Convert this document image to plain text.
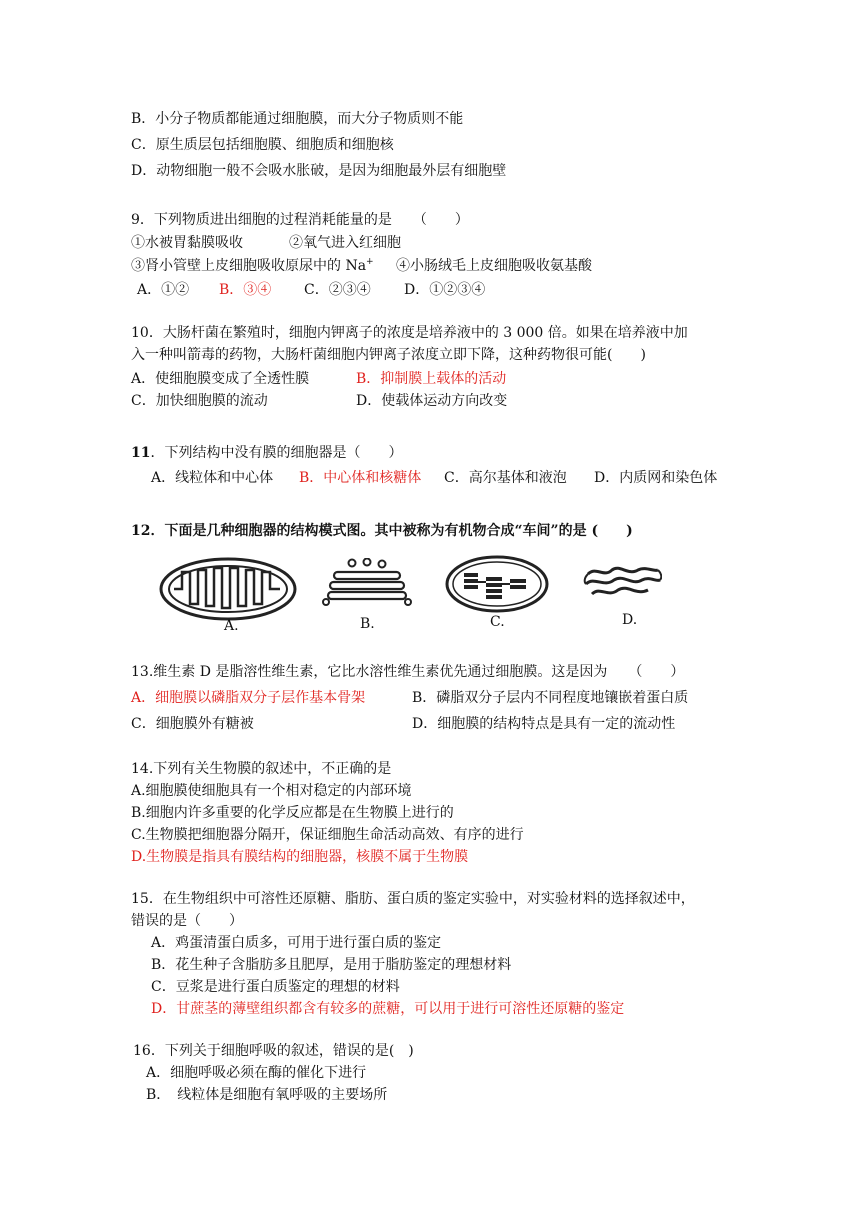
B．小分子物质都能通过细胞膜，而大分子物质则不能
C．原生质层包括细胞膜、细胞质和细胞核
D．动物细胞一般不会吸水胀破，是因为细胞最外层有细胞壁
9．下列物质进出细胞的过程消耗能量的是　　（　　）
①水被胃黏膜吸收	②氧气进入红细胞
③肾小管壁上皮细胞吸收原尿中的 Na+ ④小肠绒毛上皮细胞吸收氨基酸
A．①② B．③④ C．②③④ D．①②③④
10．大肠杆菌在繁殖时，细胞内钾离子的浓度是培养液中的 3 000 倍。如果在培养液中加
入一种叫箭毒的药物，大肠杆菌细胞内钾离子浓度立即下降，这种药物很可能(　　)
A．使细胞膜变成了全透性膜	B．抑制膜上载体的活动
C．加快细胞膜的流动	D．使载体运动方向改变
11．下列结构中没有膜的细胞器是（　　）
A．线粒体和中心体 B．中心体和核糖体 C．高尔基体和液泡 D．内质网和染色体
12．下面是几种细胞器的结构模式图。其中被称为有机物合成“车间”的是 (　　)
A.	B.	C.	D.
13.维生素 D 是脂溶性维生素，它比水溶性维生素优先通过细胞膜。这是因为　　（　　）
A．细胞膜以磷脂双分子层作基本骨架	B．磷脂双分子层内不同程度地镶嵌着蛋白质
C．细胞膜外有糖被	D．细胞膜的结构特点是具有一定的流动性
14.下列有关生物膜的叙述中，不正确的是
A.细胞膜使细胞具有一个相对稳定的内部环境
B.细胞内许多重要的化学反应都是在生物膜上进行的
C.生物膜把细胞器分隔开，保证细胞生命活动高效、有序的进行
D.生物膜是指具有膜结构的细胞器，核膜不属于生物膜
15．在生物组织中可溶性还原糖、脂肪、蛋白质的鉴定实验中，对实验材料的选择叙述中，
错误的是（　　）
A．鸡蛋清蛋白质多，可用于进行蛋白质的鉴定
B．花生种子含脂肪多且肥厚，是用于脂肪鉴定的理想材料
C．豆浆是进行蛋白质鉴定的理想的材料
D．甘蔗茎的薄壁组织都含有较多的蔗糖，可以用于进行可溶性还原糖的鉴定
16．下列关于细胞呼吸的叙述，错误的是(　)
A．细胞呼吸必须在酶的催化下进行
B．　线粒体是细胞有氧呼吸的主要场所
